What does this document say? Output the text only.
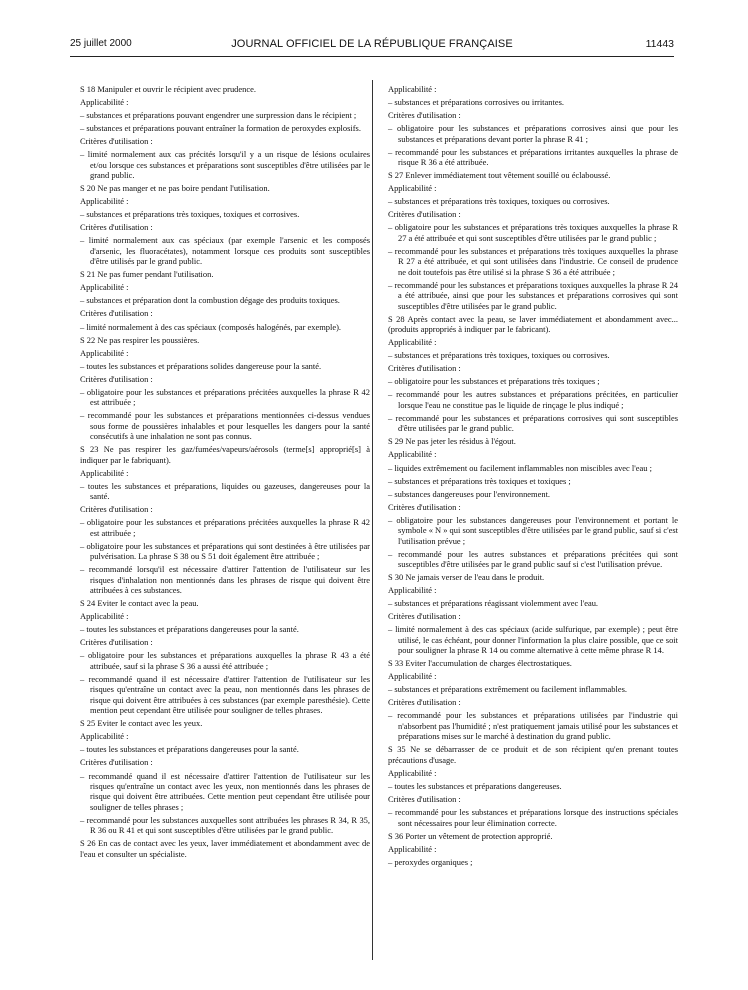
25 juillet 2000	JOURNAL OFFICIEL DE LA RÉPUBLIQUE FRANÇAISE	11443

S 18 Manipuler et ouvrir le récipient avec prudence.

Applicabilité :

– substances et préparations pouvant engendrer une surpression dans le récipient ;

– substances et préparations pouvant entraîner la formation de peroxydes explosifs.

Critères d'utilisation :

– limité normalement aux cas précités lorsqu'il y a un risque de lésions oculaires et/ou lorsque ces substances et préparations sont susceptibles d'être utilisées par le grand public.

S 20 Ne pas manger et ne pas boire pendant l'utilisation.

Applicabilité :

– substances et préparations très toxiques, toxiques et corrosives.

Critères d'utilisation :

– limité normalement aux cas spéciaux (par exemple l'arsenic et les composés d'arsenic, les fluoracétates), notamment lorsque ces produits sont susceptibles d'être utilisés par le grand public.

S 21 Ne pas fumer pendant l'utilisation.

Applicabilité :

– substances et préparation dont la combustion dégage des produits toxiques.

Critères d'utilisation :

– limité normalement à des cas spéciaux (composés halogénés, par exemple).

S 22 Ne pas respirer les poussières.

Applicabilité :

– toutes les substances et préparations solides dangereuse pour la santé.

Critères d'utilisation :

– obligatoire pour les substances et préparations précitées auxquelles la phrase R 42 est attribuée ;

– recommandé pour les substances et préparations mentionnées ci-dessus vendues sous forme de poussières inhalables et pour lesquelles les dangers pour la santé consécutifs à une inhalation ne sont pas connus.

S 23 Ne pas respirer les gaz/fumées/vapeurs/aérosols (terme[s] approprié[s] à indiquer par le fabriquant).

Applicabilité :

– toutes les substances et préparations, liquides ou gazeuses, dangereuses pour la santé.

Critères d'utilisation :

– obligatoire pour les substances et préparations précitées auxquelles la phrase R 42 est attribuée ;

– obligatoire pour les substances et préparations qui sont destinées à être utilisées par pulvérisation. La phrase S 38 ou S 51 doit également être attribuée ;

– recommandé lorsqu'il est nécessaire d'attirer l'attention de l'utilisateur sur les risques d'inhalation non mentionnés dans les phrases de risque qui doivent être attribuées à ces substances.

S 24 Eviter le contact avec la peau.

Applicabilité :

– toutes les substances et préparations dangereuses pour la santé.

Critères d'utilisation :

– obligatoire pour les substances et préparations auxquelles la phrase R 43 a été attribuée, sauf si la phrase S 36 a aussi été attribuée ;

– recommandé quand il est nécessaire d'attirer l'attention de l'utilisateur sur les risques qu'entraîne un contact avec la peau, non mentionnés dans les phrases de risque qui doivent être attribuées à ces substances (par exemple paresthésie). Cette mention peut cependant être utilisée pour souligner de telles phrases.

S 25 Eviter le contact avec les yeux.

Applicabilité :

– toutes les substances et préparations dangereuses pour la santé.

Critères d'utilisation :

– recommandé quand il est nécessaire d'attirer l'attention de l'utilisateur sur les risques qu'entraîne un contact avec les yeux, non mentionnés dans les phrases de risque qui doivent être attribuées. Cette mention peut cependant être utilisée pour souligner de telles phrases ;

– recommandé pour les substances auxquelles sont attribuées les phrases R 34, R 35, R 36 ou R 41 et qui sont susceptibles d'être utilisées par le grand public.

S 26 En cas de contact avec les yeux, laver immédiatement et abondamment avec de l'eau et consulter un spécialiste.

Applicabilité :

– substances et préparations corrosives ou irritantes.

Critères d'utilisation :

– obligatoire pour les substances et préparations corrosives ainsi que pour les substances et préparations devant porter la phrase R 41 ;

– recommandé pour les substances et préparations irritantes auxquelles la phrase de risque R 36 a été attribuée.

S 27 Enlever immédiatement tout vêtement souillé ou éclaboussé.

Applicabilité :

– substances et préparations très toxiques, toxiques ou corrosives.

Critères d'utilisation :

– obligatoire pour les substances et préparations très toxiques auxquelles la phrase R 27 a été attribuée et qui sont susceptibles d'être utilisées par le grand public ;

– recommandé pour les substances et préparations très toxiques auxquelles la phrase R 27 a été attribuée, et qui sont utilisées dans l'industrie. Ce conseil de prudence ne doit toutefois pas être utilisé si la phrase S 36 a été attribuée ;

– recommandé pour les substances et préparations toxiques auxquelles la phrase R 24 a été attribuée, ainsi que pour les substances et préparations corrosives qui sont susceptibles d'être utilisées par le grand public.

S 28 Après contact avec la peau, se laver immédiatement et abondamment avec... (produits appropriés à indiquer par le fabricant).

Applicabilité :

– substances et préparations très toxiques, toxiques ou corrosives.

Critères d'utilisation :

– obligatoire pour les substances et préparations très toxiques ;

– recommandé pour les autres substances et préparations précitées, en particulier lorsque l'eau ne constitue pas le liquide de rinçage le plus indiqué ;

– recommandé pour les substances et préparations corrosives qui sont susceptibles d'être utilisées par le grand public.

S 29 Ne pas jeter les résidus à l'égout.

Applicabilité :

– liquides extrêmement ou facilement inflammables non miscibles avec l'eau ;

– substances et préparations très toxiques et toxiques ;

– substances dangereuses pour l'environnement.

Critères d'utilisation :

– obligatoire pour les substances dangereuses pour l'environnement et portant le symbole « N » qui sont susceptibles d'être utilisées par le grand public, sauf si c'est l'utilisation prévue ;

– recommandé pour les autres substances et préparations précitées qui sont susceptibles d'être utilisées par le grand public sauf si c'est l'utilisation prévue.

S 30 Ne jamais verser de l'eau dans le produit.

Applicabilité :

– substances et préparations réagissant violemment avec l'eau.

Critères d'utilisation :

– limité normalement à des cas spéciaux (acide sulfurique, par exemple) ; peut être utilisé, le cas échéant, pour donner l'information la plus claire possible, que ce soit pour souligner la phrase R 14 ou comme alternative à cette même phrase R 14.

S 33 Eviter l'accumulation de charges électrostatiques.

Applicabilité :

– substances et préparations extrêmement ou facilement inflammables.

Critères d'utilisation :

– recommandé pour les substances et préparations utilisées par l'industrie qui n'absorbent pas l'humidité ; n'est pratiquement jamais utilisé pour les substances et préparations mises sur le marché à destination du grand public.

S 35 Ne se débarrasser de ce produit et de son récipient qu'en prenant toutes précautions d'usage.

Applicabilité :

– toutes les substances et préparations dangereuses.

Critères d'utilisation :

– recommandé pour les substances et préparations lorsque des instructions spéciales sont nécessaires pour leur élimination correcte.

S 36 Porter un vêtement de protection approprié.

Applicabilité :

– peroxydes organiques ;
